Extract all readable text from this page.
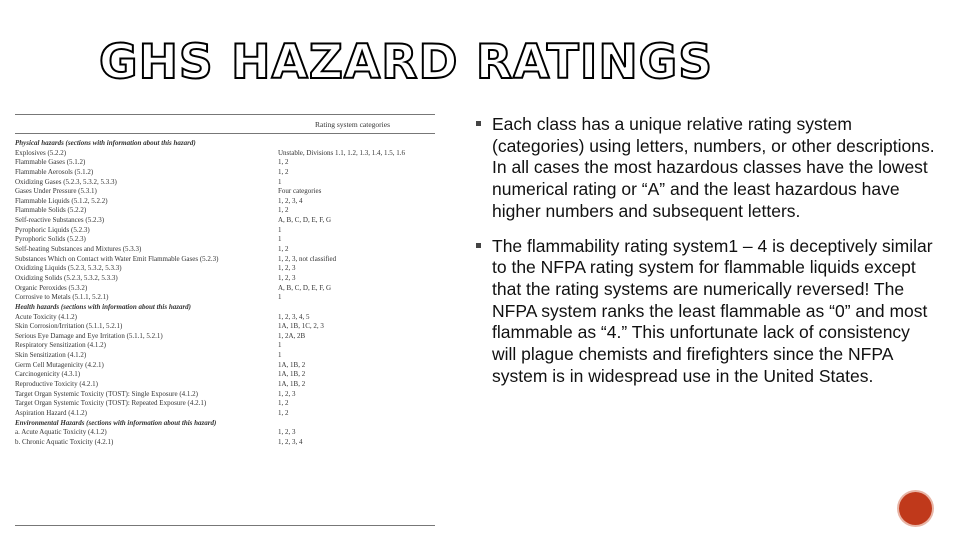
GHS HAZARD RATINGS
Rating system categories
Physical hazards (sections with information about this hazard)	
Explosives (5.2.2)	Unstable, Divisions 1.1, 1.2, 1.3, 1.4, 1.5, 1.6
Flammable Gases (5.1.2)	1, 2
Flammable Aerosols (5.1.2)	1, 2
Oxidizing Gases (5.2.3, 5.3.2, 5.3.3)	1
Gases Under Pressure (5.3.1)	Four categories
Flammable Liquids (5.1.2, 5.2.2)	1, 2, 3, 4
Flammable Solids (5.2.2)	1, 2
Self-reactive Substances (5.2.3)	A, B, C, D, E, F, G
Pyrophoric Liquids (5.2.3)	1
Pyrophoric Solids (5.2.3)	1
Self-heating Substances and Mixtures (5.3.3)	1, 2
Substances Which on Contact with Water Emit Flammable Gases (5.2.3)	1, 2, 3, not classified
Oxidizing Liquids (5.2.3, 5.3.2, 5.3.3)	1, 2, 3
Oxidizing Solids (5.2.3, 5.3.2, 5.3.3)	1, 2, 3
Organic Peroxides (5.3.2)	A, B, C, D, E, F, G
Corrosive to Metals (5.1.1, 5.2.1)	1
Health hazards (sections with information about this hazard)	
Acute Toxicity (4.1.2)	1, 2, 3, 4, 5
Skin Corrosion/Irritation (5.1.1, 5.2.1)	1A, 1B, 1C, 2, 3
Serious Eye Damage and Eye Irritation (5.1.1, 5.2.1)	1, 2A, 2B
Respiratory Sensitization (4.1.2)	1
Skin Sensitization (4.1.2)	1
Germ Cell Mutagenicity (4.2.1)	1A, 1B, 2
Carcinogenicity (4.3.1)	1A, 1B, 2
Reproductive Toxicity (4.2.1)	1A, 1B, 2
Target Organ Systemic Toxicity (TOST): Single Exposure (4.1.2)	1, 2, 3
Target Organ Systemic Toxicity (TOST): Repeated Exposure (4.2.1)	1, 2
Aspiration Hazard (4.1.2)	1, 2
Environmental Hazards (sections with information about this hazard)	
a. Acute Aquatic Toxicity (4.1.2)	1, 2, 3
b. Chronic Aquatic Toxicity (4.2.1)	1, 2, 3, 4
Each class has a unique relative rating system (categories) using letters, numbers, or other descriptions. In all cases the most hazardous classes have the lowest numerical rating or “A” and the least hazardous have higher numbers and subsequent letters.
The flammability rating system1 – 4 is deceptively similar to the NFPA rating system for flammable liquids except that the rating systems are numerically reversed! The NFPA system ranks the least flammable as “0” and most flammable as “4.” This unfortunate lack of consistency will plague chemists and firefighters since the NFPA system is in widespread use in the United States.
